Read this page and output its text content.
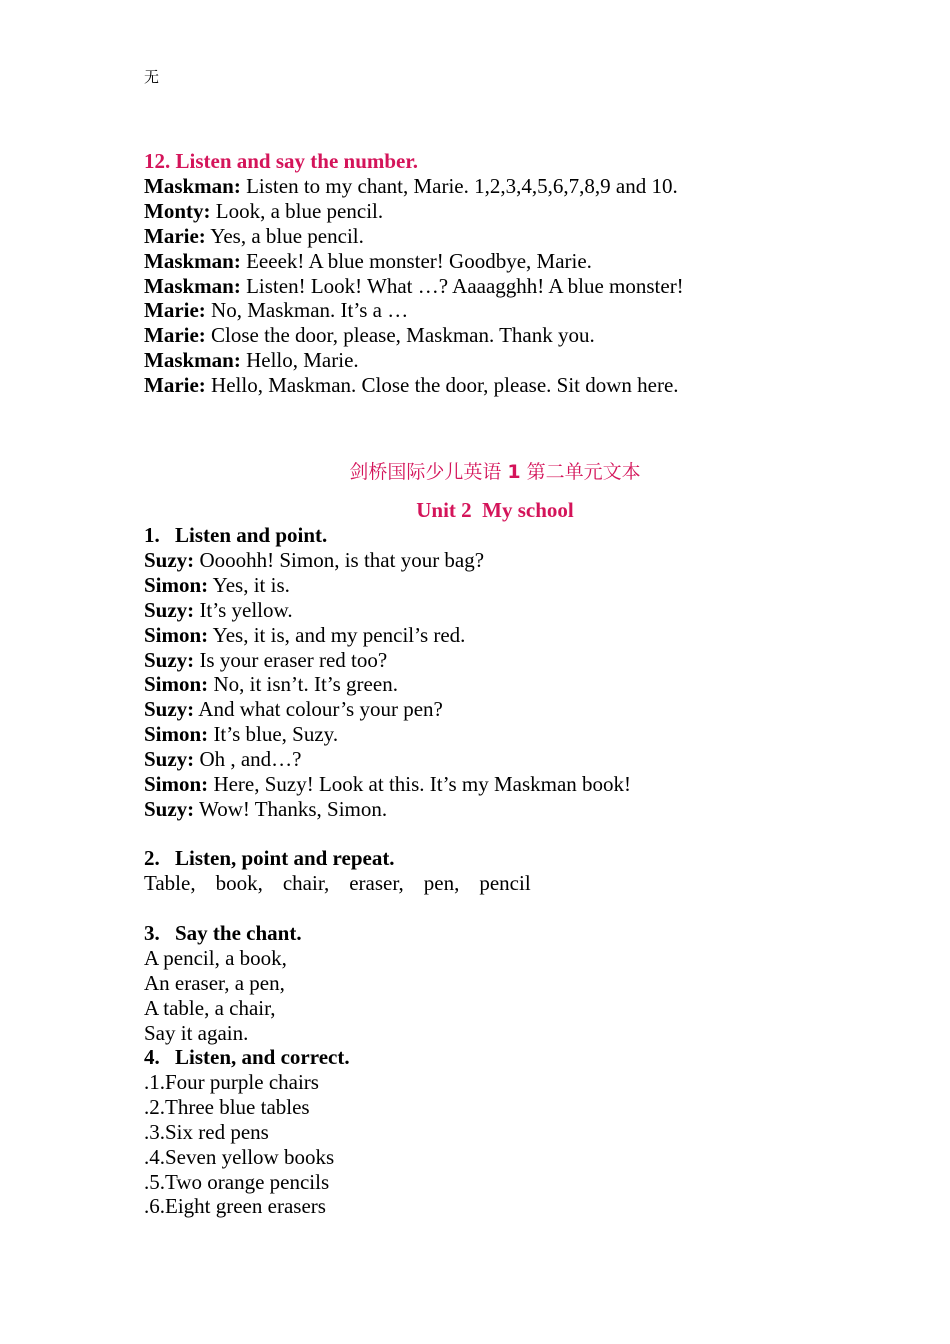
无
12. Listen and say the number.
Maskman: Listen to my chant, Marie. 1,2,3,4,5,6,7,8,9 and 10.
Monty: Look, a blue pencil.
Marie: Yes, a blue pencil.
Maskman: Eeeek! A blue monster! Goodbye, Marie.
Maskman: Listen! Look! What …? Aaaagghh! A blue monster!
Marie: No, Maskman. It’s a …
Marie: Close the door, please, Maskman. Thank you.
Maskman: Hello, Marie.
Marie: Hello, Maskman. Close the door, please. Sit down here.
剑桥国际少儿英语 1 第二单元文本
Unit 2  My school
1. Listen and point.
Suzy: Oooohh! Simon, is that your bag?
Simon: Yes, it is.
Suzy: It’s yellow.
Simon: Yes, it is, and my pencil’s red.
Suzy: Is your eraser red too?
Simon: No, it isn’t. It’s green.
Suzy: And what colour’s your pen?
Simon: It’s blue, Suzy.
Suzy: Oh , and…?
Simon: Here, Suzy! Look at this. It’s my Maskman book!
Suzy: Wow! Thanks, Simon.
2. Listen, point and repeat.
Table, book, chair, eraser, pen, pencil
3. Say the chant.
A pencil, a book,
An eraser, a pen,
A table, a chair,
Say it again.
4. Listen, and correct.
.1.Four purple chairs
.2.Three blue tables
.3.Six red pens
.4.Seven yellow books
.5.Two orange pencils
.6.Eight green erasers
